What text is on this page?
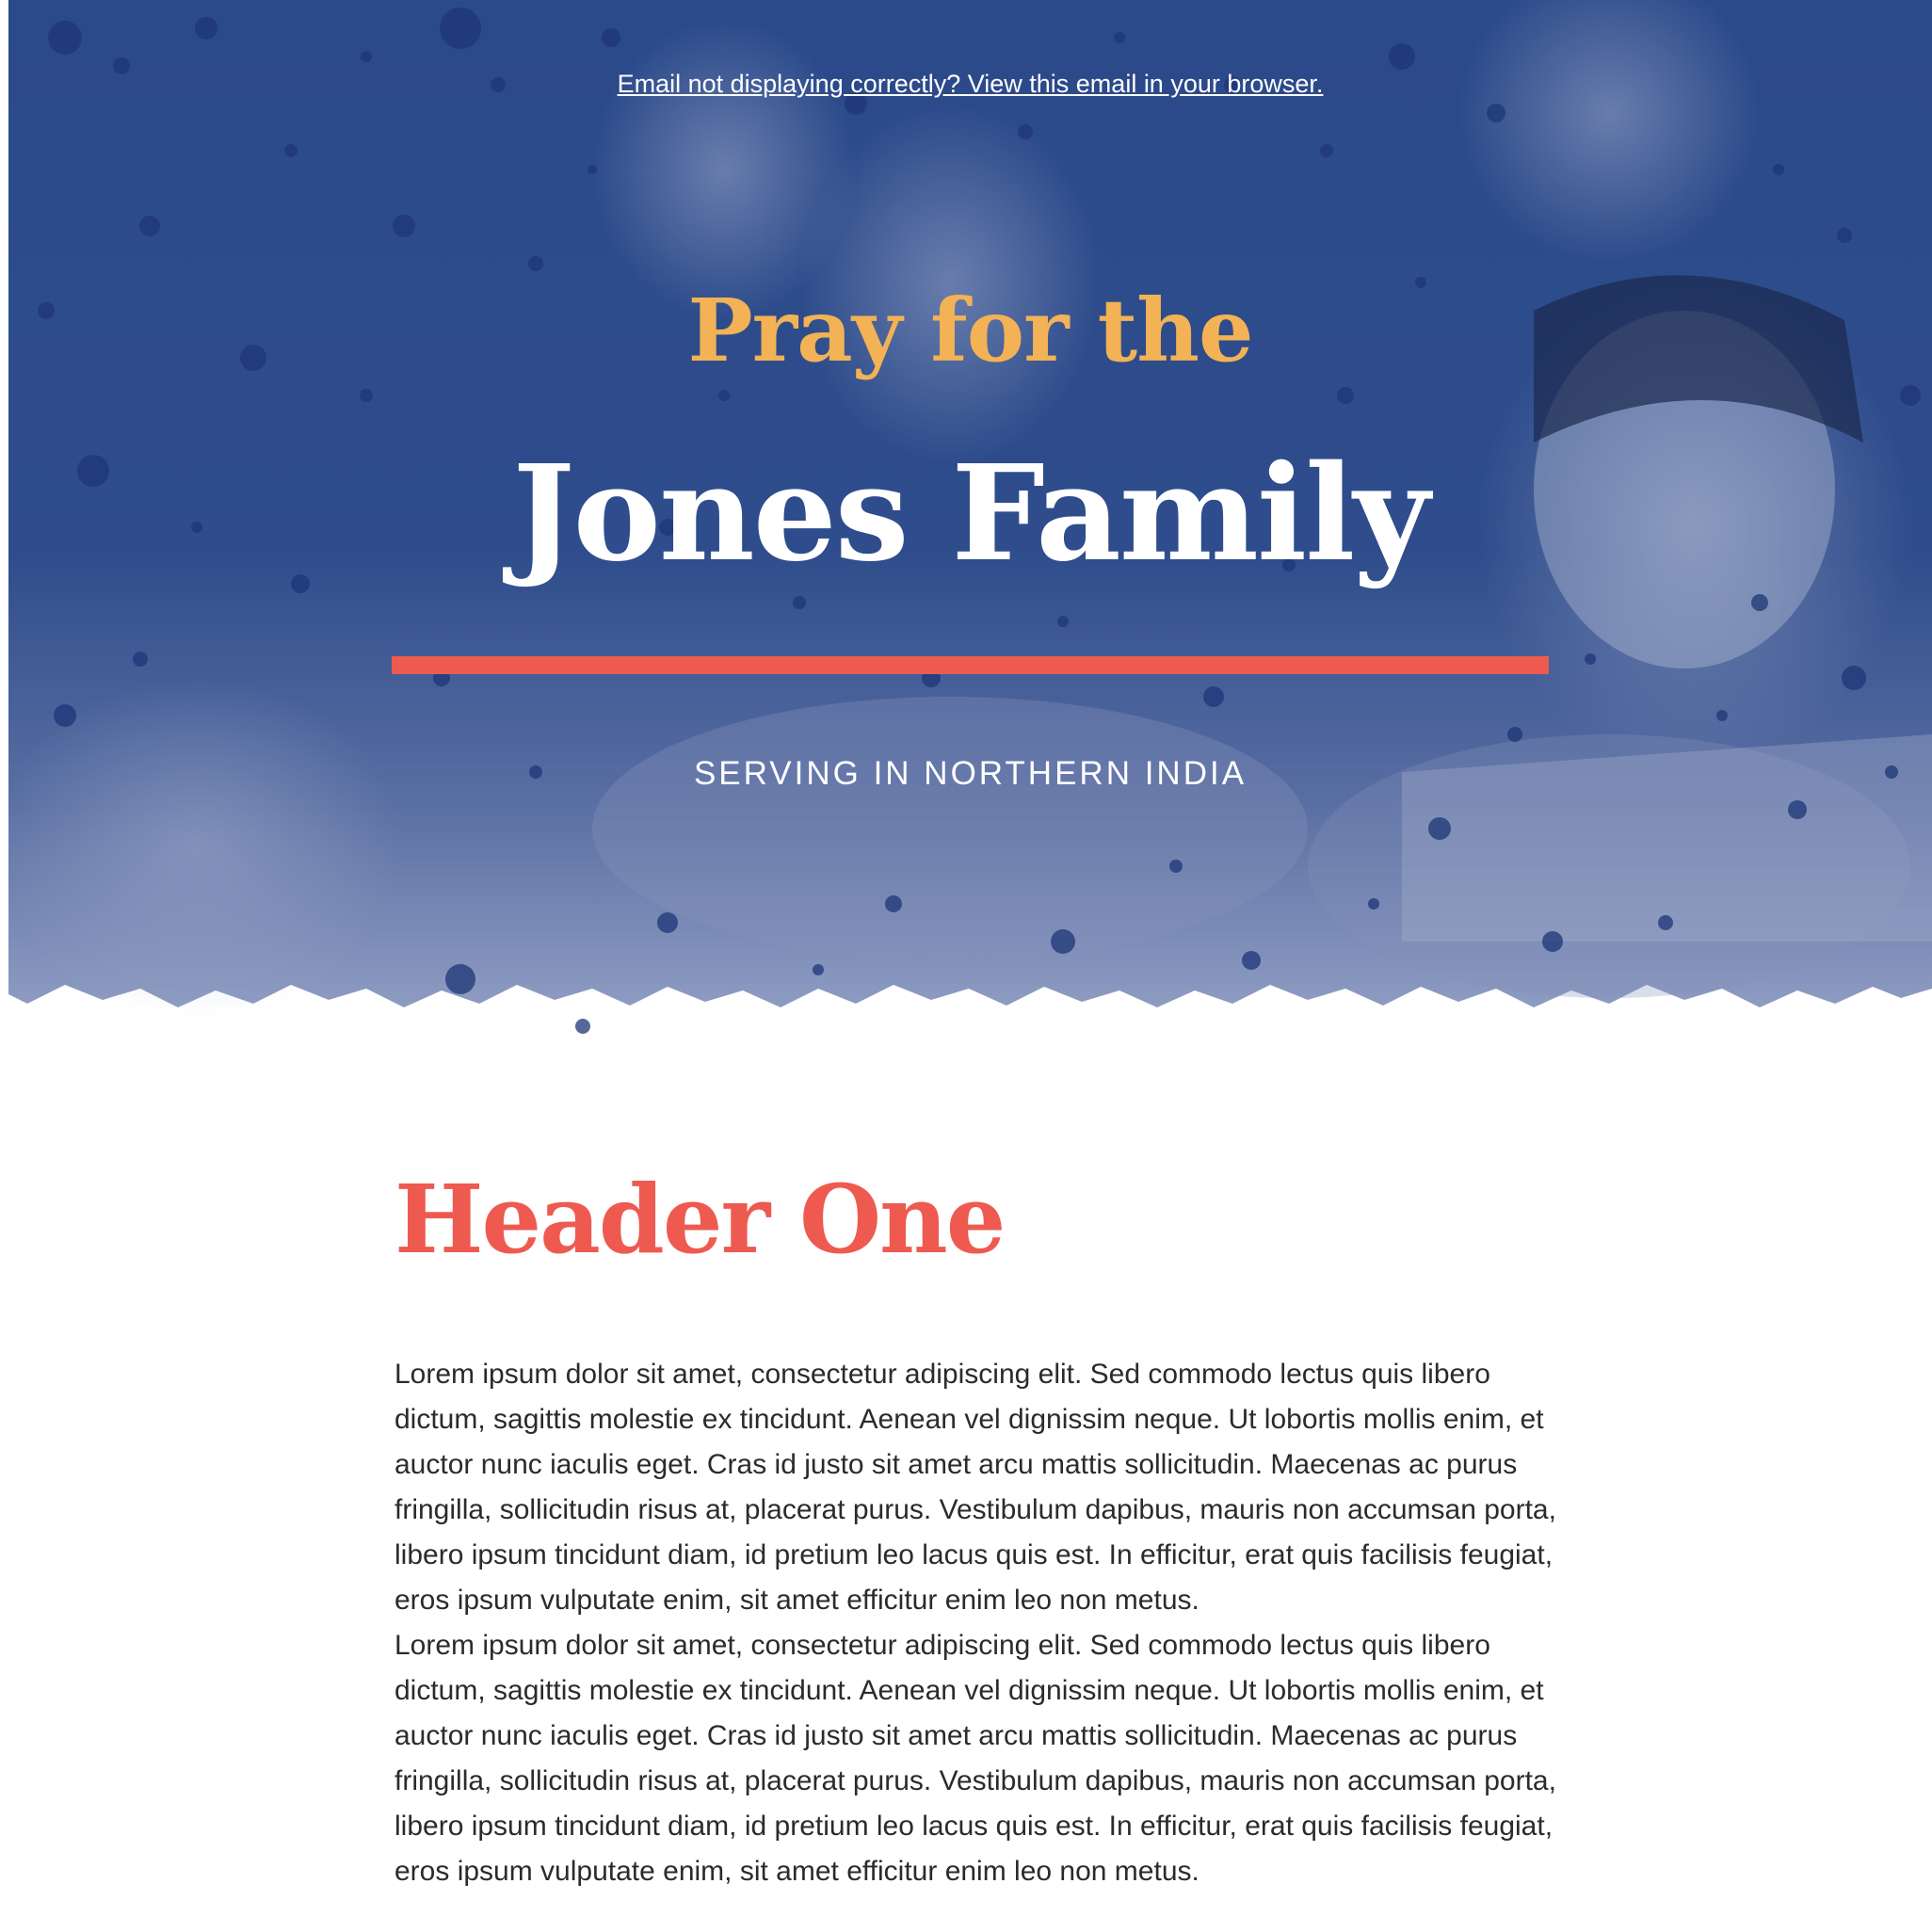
Email not displaying correctly? View this email in your browser.
Pray for the
Jones Family
SERVING IN NORTHERN INDIA
Header One

Lorem ipsum dolor sit amet, consectetur adipiscing elit. Sed commodo lectus quis libero dictum, sagittis molestie ex tincidunt. Aenean vel dignissim neque. Ut lobortis mollis enim, et auctor nunc iaculis eget. Cras id justo sit amet arcu mattis sollicitudin. Maecenas ac purus fringilla, sollicitudin risus at, placerat purus. Vestibulum dapibus, mauris non accumsan porta, libero ipsum tincidunt diam, id pretium leo lacus quis est. In efficitur, erat quis facilisis feugiat, eros ipsum vulputate enim, sit amet efficitur enim leo non metus.

Lorem ipsum dolor sit amet, consectetur adipiscing elit. Sed commodo lectus quis libero dictum, sagittis molestie ex tincidunt. Aenean vel dignissim neque. Ut lobortis mollis enim, et auctor nunc iaculis eget. Cras id justo sit amet arcu mattis sollicitudin. Maecenas ac purus fringilla, sollicitudin risus at, placerat purus. Vestibulum dapibus, mauris non accumsan porta, libero ipsum tincidunt diam, id pretium leo lacus quis est. In efficitur, erat quis facilisis feugiat, eros ipsum vulputate enim, sit amet efficitur enim leo non metus.
